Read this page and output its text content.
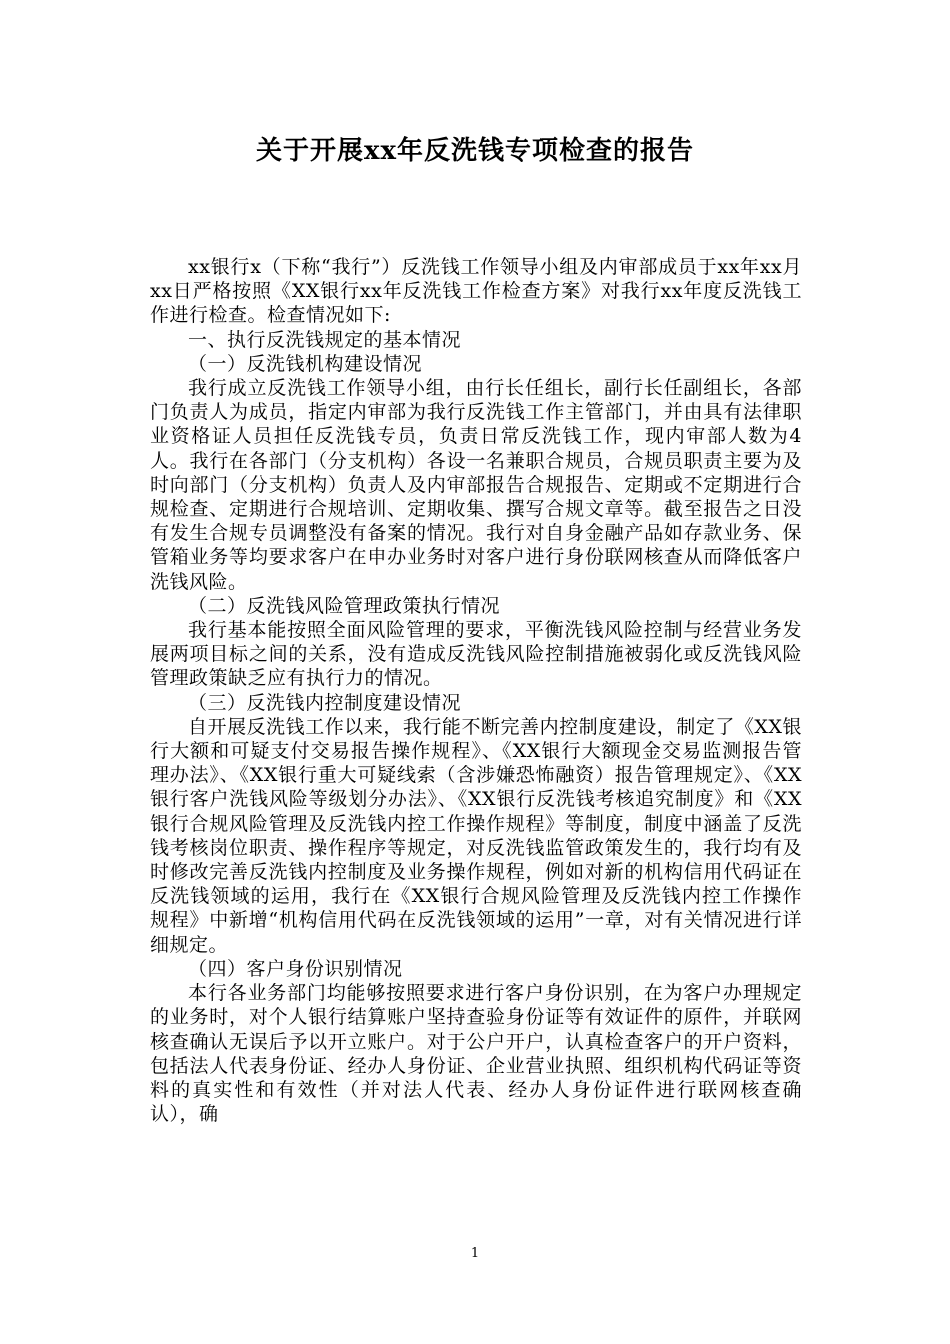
关于开展xx年反洗钱专项检查的报告

xx银行x（下称“我行”）反洗钱工作领导小组及内审部成员于xx年xx月xx日严格按照《XX银行xx年反洗钱工作检查方案》对我行xx年度反洗钱工作进行检查。检查情况如下:

一、执行反洗钱规定的基本情况

（一）反洗钱机构建设情况

我行成立反洗钱工作领导小组，由行长任组长，副行长任副组长，各部门负责人为成员，指定内审部为我行反洗钱工作主管部门，并由具有法律职业资格证人员担任反洗钱专员，负责日常反洗钱工作，现内审部人数为4人。我行在各部门（分支机构）各设一名兼职合规员，合规员职责主要为及时向部门（分支机构）负责人及内审部报告合规报告、定期或不定期进行合规检查、定期进行合规培训、定期收集、撰写合规文章等。截至报告之日没有发生合规专员调整没有备案的情况。我行对自身金融产品如存款业务、保管箱业务等均要求客户在申办业务时对客户进行身份联网核查从而降低客户洗钱风险。

（二）反洗钱风险管理政策执行情况

我行基本能按照全面风险管理的要求，平衡洗钱风险控制与经营业务发展两项目标之间的关系，没有造成反洗钱风险控制措施被弱化或反洗钱风险管理政策缺乏应有执行力的情况。

（三）反洗钱内控制度建设情况

自开展反洗钱工作以来，我行能不断完善内控制度建设，制定了《XX银行大额和可疑支付交易报告操作规程》、《XX银行大额现金交易监测报告管理办法》、《XX银行重大可疑线索（含涉嫌恐怖融资）报告管理规定》、《XX银行客户洗钱风险等级划分办法》、《XX银行反洗钱考核追究制度》和《XX银行合规风险管理及反洗钱内控工作操作规程》等制度，制度中涵盖了反洗钱考核岗位职责、操作程序等规定，对反洗钱监管政策发生的，我行均有及时修改完善反洗钱内控制度及业务操作规程，例如对新的机构信用代码证在反洗钱领域的运用，我行在《XX银行合规风险管理及反洗钱内控工作操作规程》中新增“机构信用代码在反洗钱领域的运用”一章，对有关情况进行详细规定。

（四）客户身份识别情况

本行各业务部门均能够按照要求进行客户身份识别，在为客户办理规定的业务时，对个人银行结算账户坚持查验身份证等有效证件的原件，并联网核查确认无误后予以开立账户。对于公户开户，认真检查客户的开户资料，包括法人代表身份证、经办人身份证、企业营业执照、组织机构代码证等资料的真实性和有效性（并对法人代表、经办人身份证件进行联网核查确认），确

1
